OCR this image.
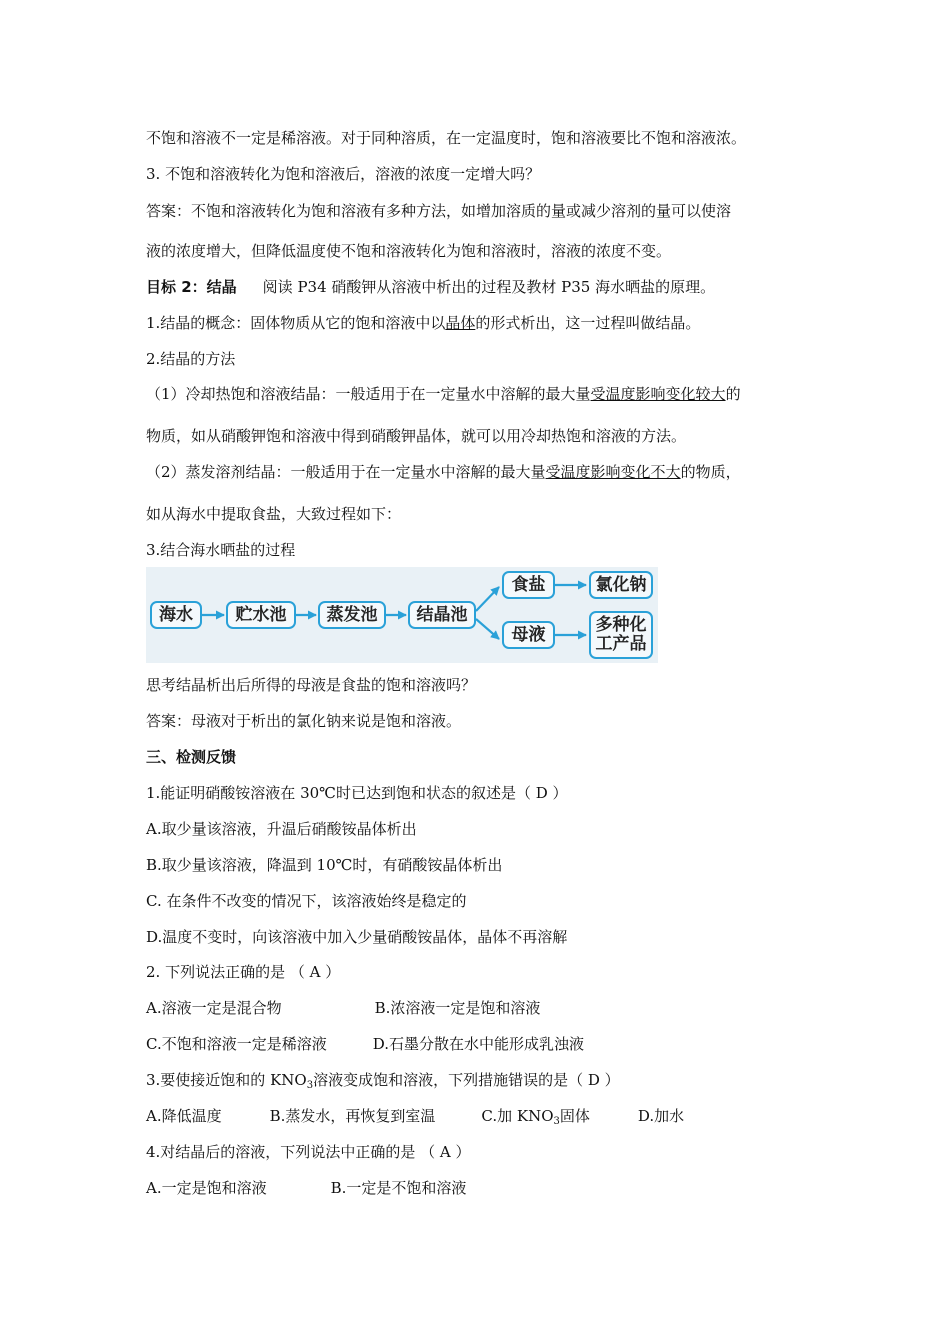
不饱和溶液不一定是稀溶液。对于同种溶质，在一定温度时，饱和溶液要比不饱和溶液浓。
3. 不饱和溶液转化为饱和溶液后，溶液的浓度一定增大吗？
答案：不饱和溶液转化为饱和溶液有多种方法，如增加溶质的量或减少溶剂的量可以使溶
液的浓度增大，但降低温度使不饱和溶液转化为饱和溶液时，溶液的浓度不变。
目标 2：结晶 阅读 P34 硝酸钾从溶液中析出的过程及教材 P35 海水晒盐的原理。
1.结晶的概念：固体物质从它的饱和溶液中以晶体的形式析出，这一过程叫做结晶。
2.结晶的方法
（1）冷却热饱和溶液结晶：一般适用于在一定量水中溶解的最大量受温度影响变化较大的
物质，如从硝酸钾饱和溶液中得到硝酸钾晶体，就可以用冷却热饱和溶液的方法。
（2）蒸发溶剂结晶：一般适用于在一定量水中溶解的最大量受温度影响变化不大的物质，
如从海水中提取食盐，大致过程如下：
3.结合海水晒盐的过程
海水	贮水池	蒸发池	结晶池
食盐
母液
氯化钠
多种化
工产品
思考结晶析出后所得的母液是食盐的饱和溶液吗？
答案：母液对于析出的氯化钠来说是饱和溶液。
三、检测反馈
1.能证明硝酸铵溶液在 30℃时已达到饱和状态的叙述是（ D ）
A.取少量该溶液，升温后硝酸铵晶体析出
B.取少量该溶液，降温到 10℃时，有硝酸铵晶体析出
C. 在条件不改变的情况下，该溶液始终是稳定的
D.温度不变时，向该溶液中加入少量硝酸铵晶体，晶体不再溶解
2. 下列说法正确的是 （ A ）
A.溶液一定是混合物	B.浓溶液一定是饱和溶液
C.不饱和溶液一定是稀溶液	D.石墨分散在水中能形成乳浊液
3.要使接近饱和的 $KNO_3$溶液变成饱和溶液，下列措施错误的是（ D ）
A.降低温度	B.蒸发水，再恢复到室温	C.加 $KNO_3$固体	D.加水
4.对结晶后的溶液，下列说法中正确的是 （ A ）
A.一定是饱和溶液	B.一定是不饱和溶液
